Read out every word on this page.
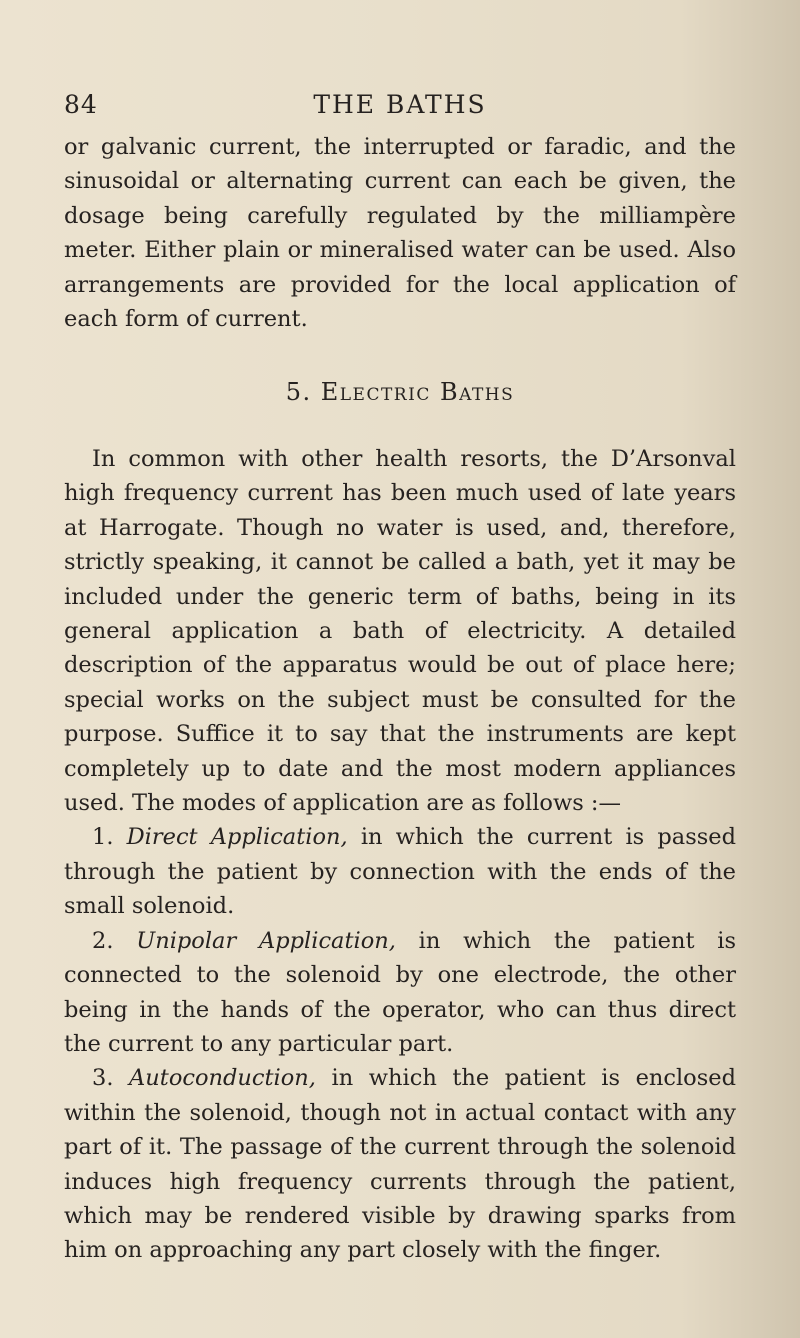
84	THE BATHS

or galvanic current, the interrupted or faradic, and the sinusoidal or alternating current can each be given, the dosage being carefully regulated by the milliampère meter. Either plain or mineralised water can be used. Also arrangements are provided for the local application of each form of current.

5. Electric Baths

In common with other health resorts, the D’Arsonval high frequency current has been much used of late years at Harrogate. Though no water is used, and, therefore, strictly speaking, it cannot be called a bath, yet it may be included under the generic term of baths, being in its general application a bath of electricity. A detailed description of the apparatus would be out of place here; special works on the subject must be consulted for the purpose. Suffice it to say that the instruments are kept completely up to date and the most modern appliances used. The modes of application are as follows :—

1. Direct Application, in which the current is passed through the patient by connection with the ends of the small solenoid.

2. Unipolar Application, in which the patient is connected to the solenoid by one electrode, the other being in the hands of the operator, who can thus direct the current to any particular part.

3. Autoconduction, in which the patient is enclosed within the solenoid, though not in actual contact with any part of it. The passage of the current through the solenoid induces high frequency currents through the patient, which may be rendered visible by drawing sparks from him on approaching any part closely with the finger.
